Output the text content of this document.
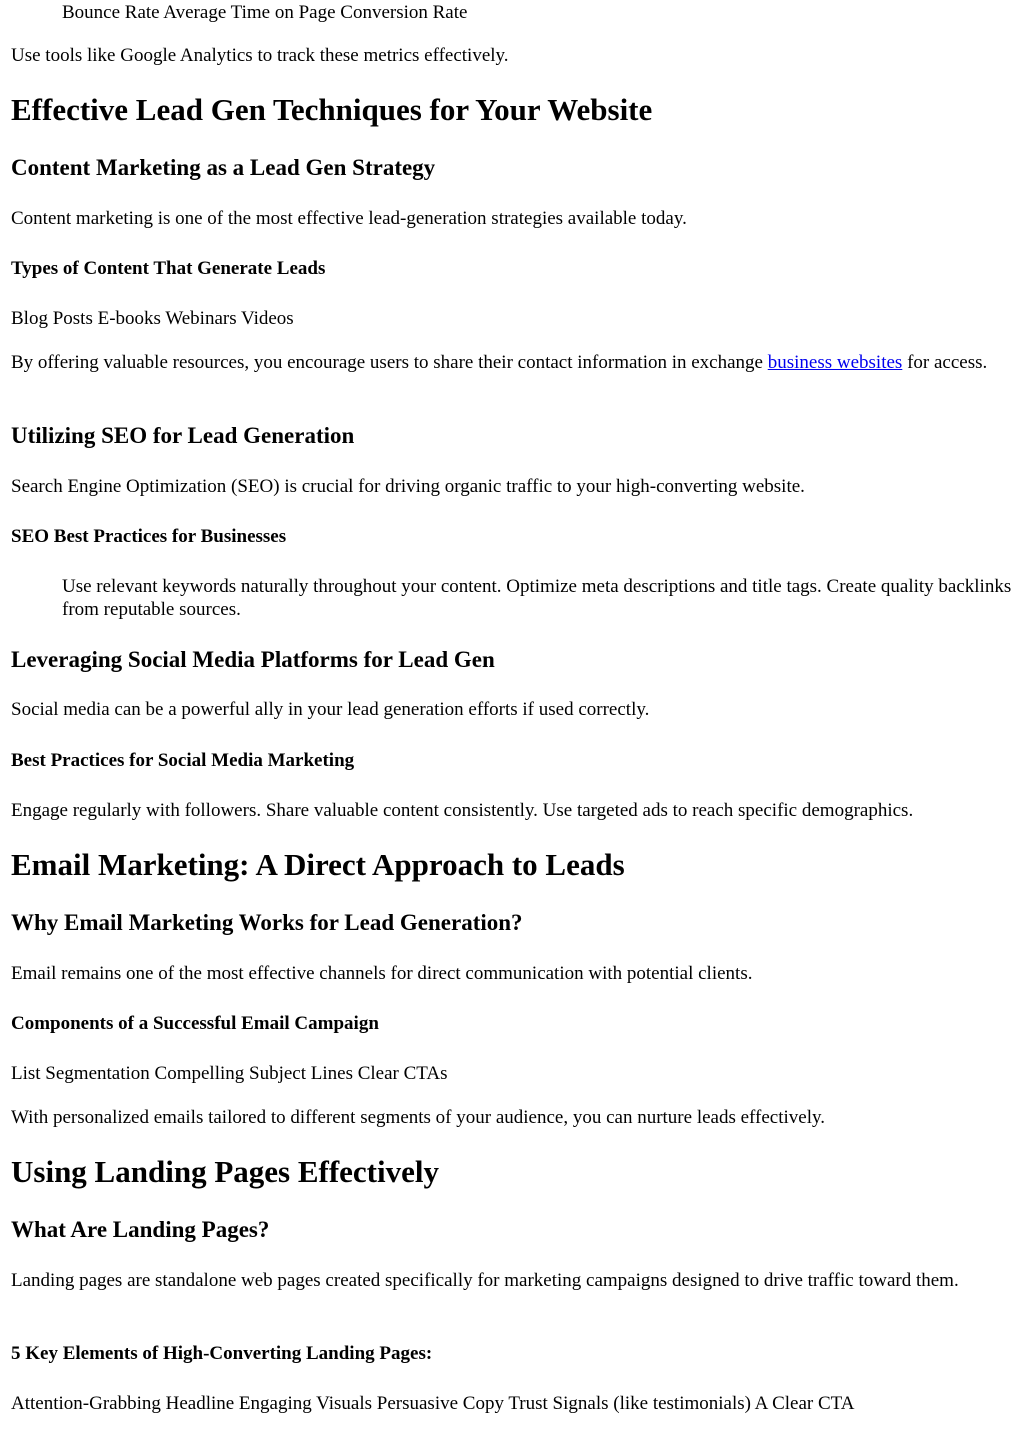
Bounce Rate Average Time on Page Conversion Rate

Use tools like Google Analytics to track these metrics effectively.

Effective Lead Gen Techniques for Your Website
Content Marketing as a Lead Gen Strategy

Content marketing is one of the most effective lead-generation strategies available today.

Types of Content That Generate Leads

Blog Posts E-books Webinars Videos

By offering valuable resources, you encourage users to share their contact information in exchange business websites for access.

Utilizing SEO for Lead Generation

Search Engine Optimization (SEO) is crucial for driving organic traffic to your high-converting website.

SEO Best Practices for Businesses

Use relevant keywords naturally throughout your content. Optimize meta descriptions and title tags. Create quality backlinks from reputable sources.

Leveraging Social Media Platforms for Lead Gen

Social media can be a powerful ally in your lead generation efforts if used correctly.

Best Practices for Social Media Marketing

Engage regularly with followers. Share valuable content consistently. Use targeted ads to reach specific demographics.

Email Marketing: A Direct Approach to Leads
Why Email Marketing Works for Lead Generation?

Email remains one of the most effective channels for direct communication with potential clients.

Components of a Successful Email Campaign

List Segmentation Compelling Subject Lines Clear CTAs

With personalized emails tailored to different segments of your audience, you can nurture leads effectively.

Using Landing Pages Effectively
What Are Landing Pages?

Landing pages are standalone web pages created specifically for marketing campaigns designed to drive traffic toward them.

5 Key Elements of High-Converting Landing Pages:

Attention-Grabbing Headline Engaging Visuals Persuasive Copy Trust Signals (like testimonials) A Clear CTA
